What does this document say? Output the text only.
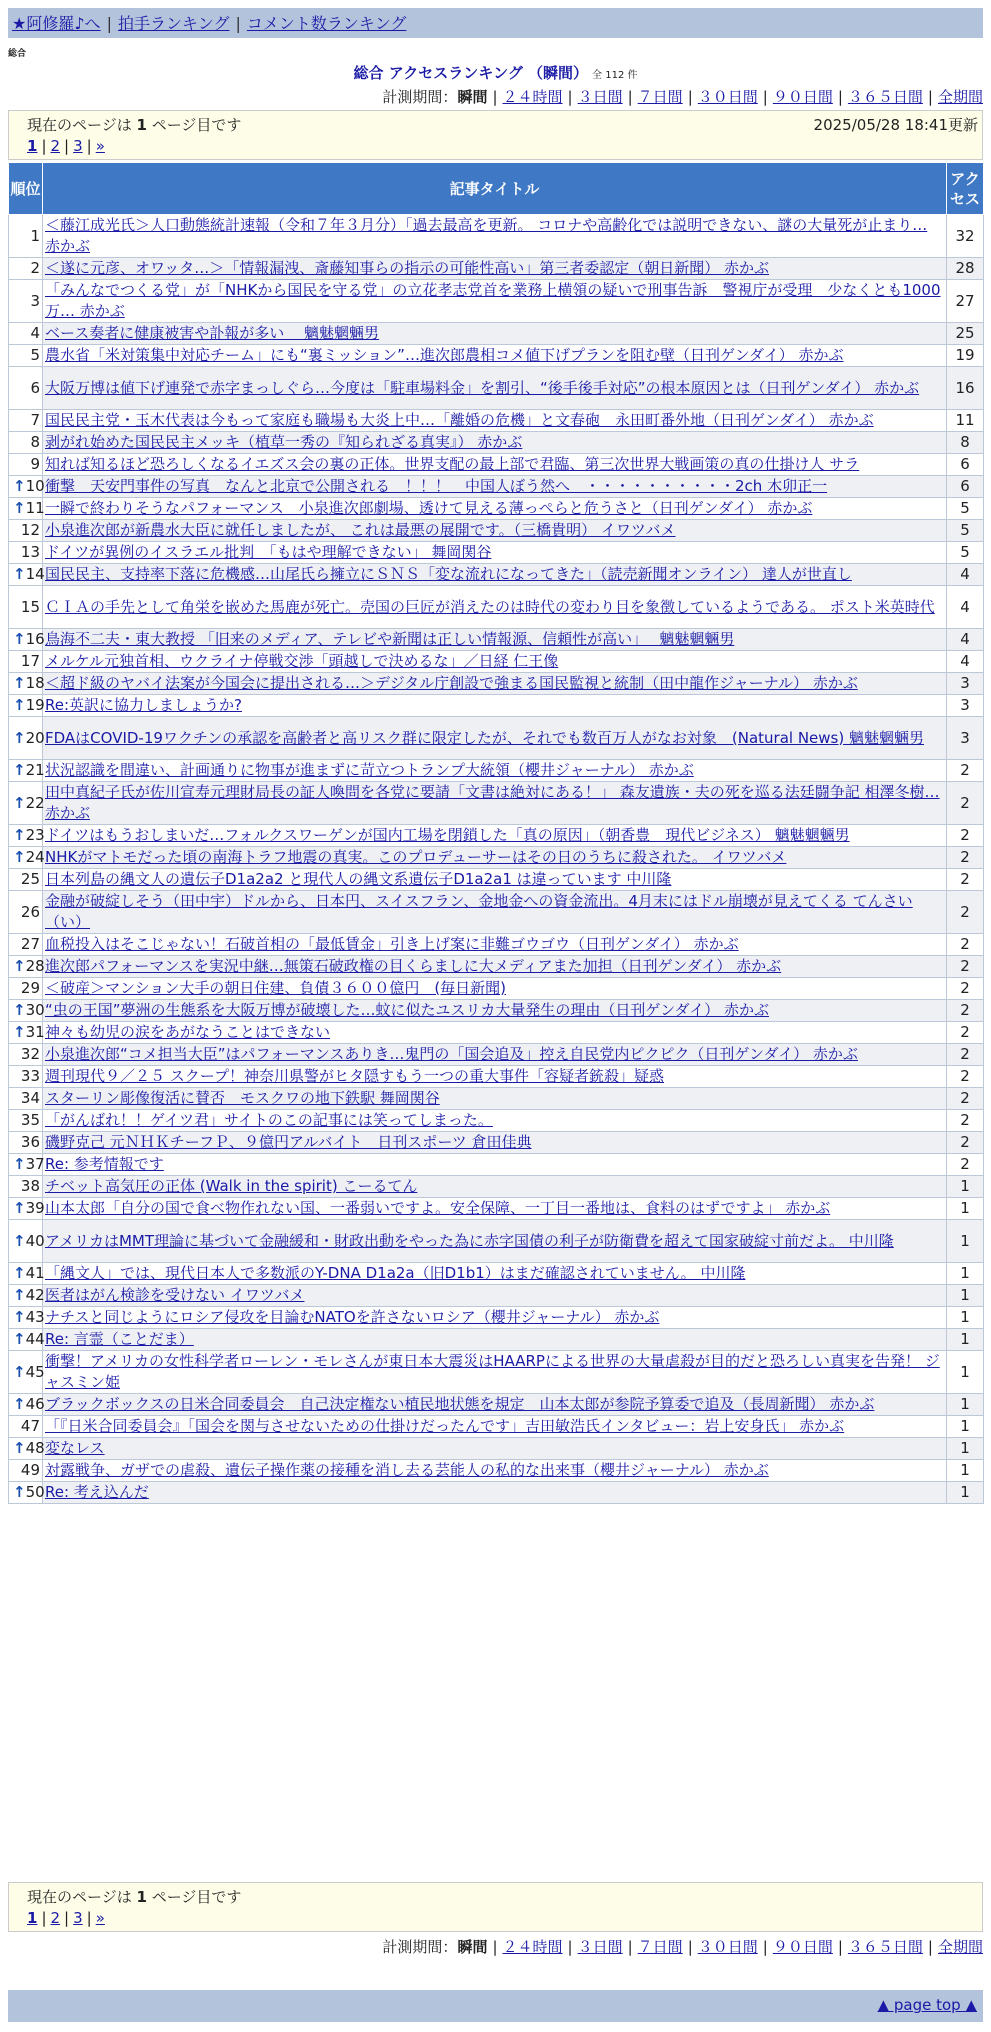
★阿修羅♪へ | 拍手ランキング | コメント数ランキング
総合
総合 アクセスランキング （瞬間） 全 112 件
計測期間：瞬間 | ２４時間 | ３日間 | ７日間 | ３０日間 | ９０日間 | ３６５日間 | 全期間
現在のページは 1 ページ目です	2025/05/28 18:41更新
1 | 2 | 3 | »
順位	記事タイトル	アクセス
1	＜藤江成光氏＞人口動態統計速報（令和７年３月分）「過去最高を更新。 コロナや高齢化では説明できない、謎の大量死が止まり… 赤かぶ	32
2	＜遂に元彦、オワッタ…＞「情報漏洩、斎藤知事らの指示の可能性高い」第三者委認定（朝日新聞） 赤かぶ	28
3	「みんなでつくる党」が「NHKから国民を守る党」の立花孝志党首を業務上横領の疑いで刑事告訴　警視庁が受理　少なくとも1000万… 赤かぶ	27
4	ベース奏者に健康被害や訃報が多い　 魑魅魍魎男	25
5	農水省「米対策集中対応チーム」にも“裏ミッション”…進次郎農相コメ値下げプランを阻む壁（日刊ゲンダイ） 赤かぶ	19
6	大阪万博は値下げ連発で赤字まっしぐら…今度は「駐車場料金」を割引、“後手後手対応”の根本原因とは（日刊ゲンダイ） 赤かぶ	16
7	国民民主党・玉木代表は今もって家庭も職場も大炎上中…「離婚の危機」と文春砲　永田町番外地（日刊ゲンダイ） 赤かぶ	11
8	剥がれ始めた国民民主メッキ（植草一秀の『知られざる真実』） 赤かぶ	8
9	知れば知るほど恐ろしくなるイエズス会の裏の正体。世界支配の最上部で君臨、第三次世界大戦画策の真の仕掛け人 サラ	6

↑ 10	衝撃　天安門事件の写真　なんと北京で公開される　！！！　中国人ぼう然へ　・・・・・・・・・・2ch 木卯正一	6

↑ 11	一瞬で終わりそうなパフォーマンス　小泉進次郎劇場、透けて見える薄っぺらと危うさと（日刊ゲンダイ） 赤かぶ	5
12	小泉進次郎が新農水大臣に就任しましたが、 これは最悪の展開です。（三橋貴明） イワツバメ	5
13	ドイツが異例のイスラエル批判　「もはや理解できない」 舞岡関谷	5

↑ 14	国民民主、支持率下落に危機感…山尾氏ら擁立にＳＮＳ「変な流れになってきた」（読売新聞オンライン） 達人が世直し	4
15	ＣＩＡの手先として角栄を嵌めた馬鹿が死亡。売国の巨匠が消えたのは時代の変わり目を象徴しているようである。 ポスト米英時代	4

↑ 16	鳥海不二夫・東大教授 「旧来のメディア、テレビや新聞は正しい情報源、信頼性が高い」　 魑魅魍魎男	4
17	メルケル元独首相、ウクライナ停戦交渉「頭越しで決めるな」／日経 仁王像	4

↑ 18	＜超ド級のヤバイ法案が今国会に提出される…＞デジタル庁創設で強まる国民監視と統制（田中龍作ジャーナル） 赤かぶ	3

↑ 19	Re:英訳に協力しましょうか?	3

↑ 20	FDAはCOVID-19ワクチンの承認を高齢者と高リスク群に限定したが、それでも数百万人がなお対象　(Natural News) 魑魅魍魎男	3

↑ 21	状況認識を間違い、計画通りに物事が進まずに苛立つトランプ大統領（櫻井ジャーナル） 赤かぶ	2

↑ 22	田中真紀子氏が佐川宣寿元理財局長の証人喚問を各党に要請「文書は絶対にある！」 森友遺族・夫の死を巡る法廷闘争記 相澤冬樹… 赤かぶ	2

↑ 23	ドイツはもうおしまいだ…フォルクスワーゲンが国内工場を閉鎖した「真の原因」（朝香豊　現代ビジネス） 魑魅魍魎男	2

↑ 24	NHKがマトモだった頃の南海トラフ地震の真実。このプロデューサーはその日のうちに殺された。 イワツバメ	2
25	日本列島の縄文人の遺伝子D1a2a2 と現代人の縄文系遺伝子D1a2a1 は違っています 中川隆	2
26	金融が破綻しそう（田中宇）ドルから、日本円、スイスフラン、金地金への資金流出。4月末にはドル崩壊が見えてくる てんさい（い）	2
27	血税投入はそこじゃない！石破首相の「最低賃金」引き上げ案に非難ゴウゴウ（日刊ゲンダイ） 赤かぶ	2

↑ 28	進次郎パフォーマンスを実況中継…無策石破政権の目くらましに大メディアまた加担（日刊ゲンダイ） 赤かぶ	2
29	＜破産＞マンション大手の朝日住建、負債３６００億円　(毎日新聞)	2

↑ 30	“虫の王国”夢洲の生態系を大阪万博が破壊した…蚊に似たユスリカ大量発生の理由（日刊ゲンダイ） 赤かぶ	2

↑ 31	神々も幼児の涙をあがなうことはできない	2
32	小泉進次郎“コメ担当大臣”はパフォーマンスありき…鬼門の「国会追及」控え自民党内ピクピク（日刊ゲンダイ） 赤かぶ	2
33	週刊現代９／２５ スクープ！神奈川県警がヒタ隠すもう一つの重大事件「容疑者銃殺」疑惑	2
34	スターリン彫像復活に賛否　モスクワの地下鉄駅 舞岡関谷	2
35	「がんばれ！！ゲイツ君」サイトのこの記事には笑ってしまった。	2
36	磯野克己 元ＮＨＫチーフＰ、９億円アルバイト　日刊スポーツ 倉田佳典	2

↑ 37	Re: 参考情報です	2
38	チベット高気圧の正体 (Walk in the spirit) こーるてん	1

↑ 39	山本太郎「自分の国で食べ物作れない国、一番弱いですよ。安全保障、一丁目一番地は、食料のはずですよ」 赤かぶ	1

↑ 40	アメリカはMMT理論に基づいて金融緩和・財政出動をやった為に赤字国債の利子が防衛費を超えて国家破綻寸前だよ。 中川隆	1

↑ 41	「縄文人」では、現代日本人で多数派のY-DNA D1a2a（旧D1b1）はまだ確認されていません。 中川隆	1

↑ 42	医者はがん検診を受けない イワツバメ	1

↑ 43	ナチスと同じようにロシア侵攻を目論むNATOを許さないロシア（櫻井ジャーナル） 赤かぶ	1

↑ 44	Re: 言霊（ことだま）	1

↑ 45	衝撃！アメリカの女性科学者ローレン・モレさんが東日本大震災はHAARPによる世界の大量虐殺が目的だと恐ろしい真実を告発！ ジャスミン姫	1

↑ 46	ブラックボックスの日米合同委員会　自己決定権ない植民地状態を規定　山本太郎が参院予算委で追及（長周新聞） 赤かぶ	1
47	「『日米合同委員会』「国会を関与させないための仕掛けだったんです」吉田敏浩氏インタビュー：岩上安身氏」 赤かぶ	1

↑ 48	変なレス	1
49	対露戦争、ガザでの虐殺、遺伝子操作薬の接種を消し去る芸能人の私的な出来事（櫻井ジャーナル） 赤かぶ	1

↑ 50	Re: 考え込んだ	1
現在のページは 1 ページ目です
1 | 2 | 3 | »
計測期間：瞬間 | ２４時間 | ３日間 | ７日間 | ３０日間 | ９０日間 | ３６５日間 | 全期間
▲ page top ▲
